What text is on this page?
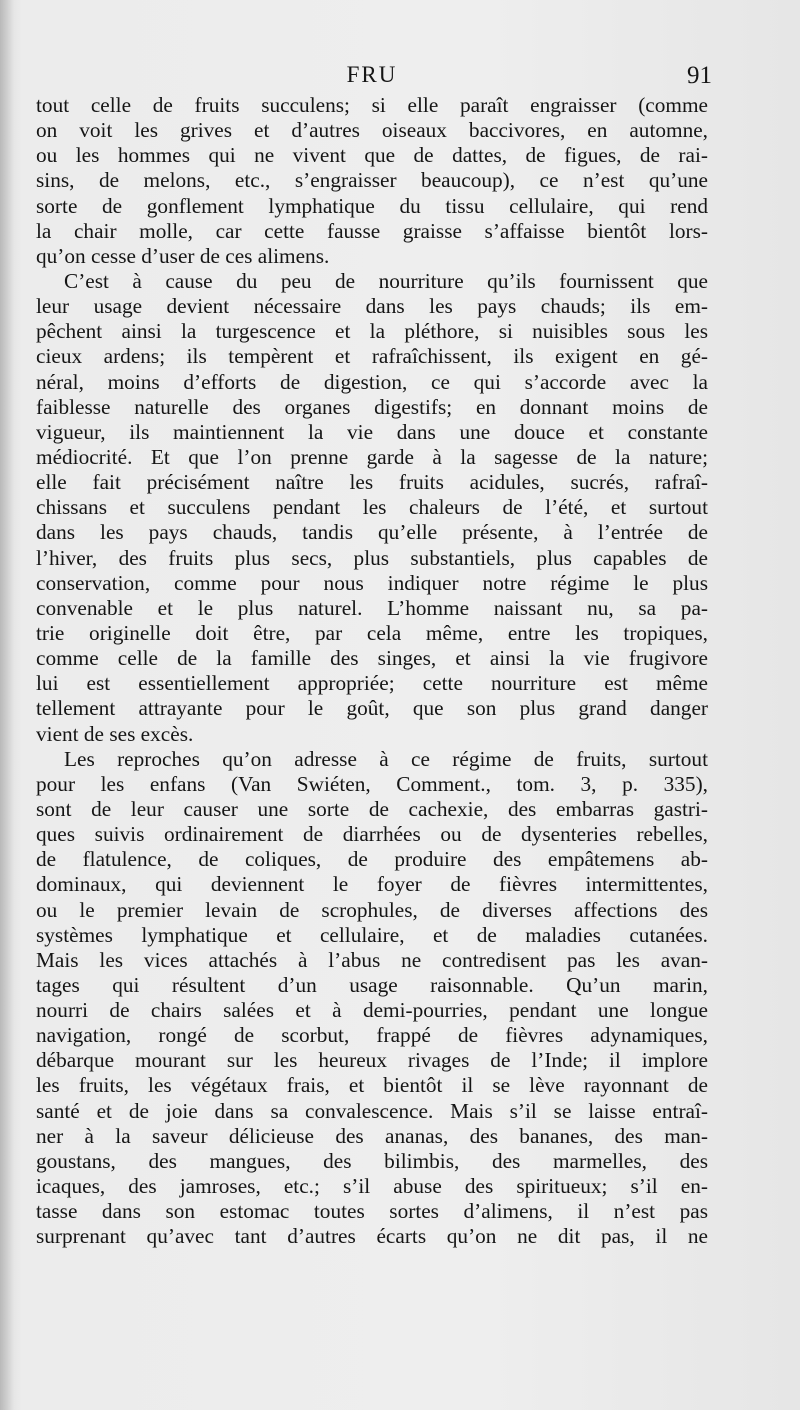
FRU	91
tout celle de fruits succulens; si elle paraît engraisser (comme
on voit les grives et d’autres oiseaux baccivores, en automne,
ou les hommes qui ne vivent que de dattes, de figues, de rai-
sins, de melons, etc., s’engraisser beaucoup), ce n’est qu’une
sorte de gonflement lymphatique du tissu cellulaire, qui rend
la chair molle, car cette fausse graisse s’affaisse bientôt lors-
qu’on cesse d’user de ces alimens.
C’est à cause du peu de nourriture qu’ils fournissent que
leur usage devient nécessaire dans les pays chauds; ils em-
pêchent ainsi la turgescence et la pléthore, si nuisibles sous les
cieux ardens; ils tempèrent et rafraîchissent, ils exigent en gé-
néral, moins d’efforts de digestion, ce qui s’accorde avec la
faiblesse naturelle des organes digestifs; en donnant moins de
vigueur, ils maintiennent la vie dans une douce et constante
médiocrité. Et que l’on prenne garde à la sagesse de la nature;
elle fait précisément naître les fruits acidules, sucrés, rafraî-
chissans et succulens pendant les chaleurs de l’été, et surtout
dans les pays chauds, tandis qu’elle présente, à l’entrée de
l’hiver, des fruits plus secs, plus substantiels, plus capables de
conservation, comme pour nous indiquer notre régime le plus
convenable et le plus naturel. L’homme naissant nu, sa pa-
trie originelle doit être, par cela même, entre les tropiques,
comme celle de la famille des singes, et ainsi la vie frugivore
lui est essentiellement appropriée; cette nourriture est même
tellement attrayante pour le goût, que son plus grand danger
vient de ses excès.
Les reproches qu’on adresse à ce régime de fruits, surtout
pour les enfans (Van Swiéten, Comment., tom. 3, p. 335),
sont de leur causer une sorte de cachexie, des embarras gastri-
ques suivis ordinairement de diarrhées ou de dysenteries rebelles,
de flatulence, de coliques, de produire des empâtemens ab-
dominaux, qui deviennent le foyer de fièvres intermittentes,
ou le premier levain de scrophules, de diverses affections des
systèmes lymphatique et cellulaire, et de maladies cutanées.
Mais les vices attachés à l’abus ne contredisent pas les avan-
tages qui résultent d’un usage raisonnable. Qu’un marin,
nourri de chairs salées et à demi-pourries, pendant une longue
navigation, rongé de scorbut, frappé de fièvres adynamiques,
débarque mourant sur les heureux rivages de l’Inde; il implore
les fruits, les végétaux frais, et bientôt il se lève rayonnant de
santé et de joie dans sa convalescence. Mais s’il se laisse entraî-
ner à la saveur délicieuse des ananas, des bananes, des man-
goustans, des mangues, des bilimbis, des marmelles, des
icaques, des jamroses, etc.; s’il abuse des spiritueux; s’il en-
tasse dans son estomac toutes sortes d’alimens, il n’est pas
surprenant qu’avec tant d’autres écarts qu’on ne dit pas, il ne
